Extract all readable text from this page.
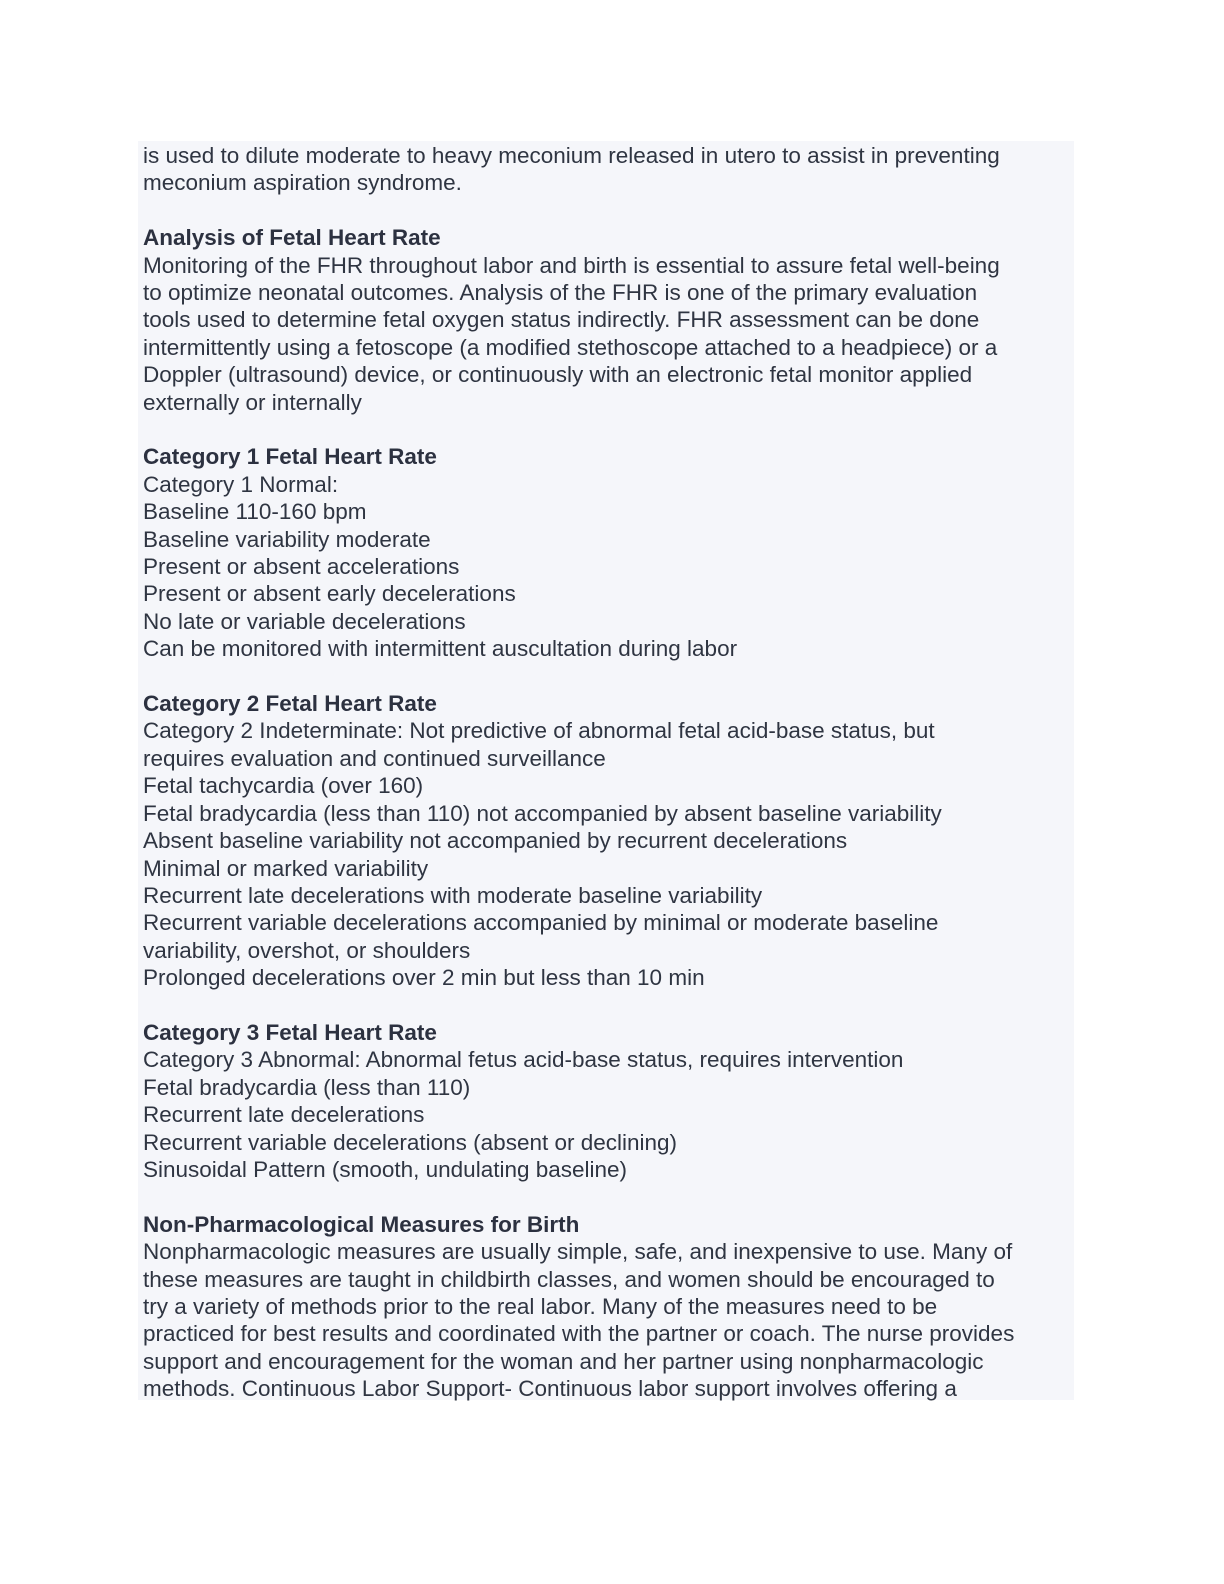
is used to dilute moderate to heavy meconium released in utero to assist in preventing

meconium aspiration syndrome.

Analysis of Fetal Heart Rate

Monitoring of the FHR throughout labor and birth is essential to assure fetal well-being

to optimize neonatal outcomes. Analysis of the FHR is one of the primary evaluation

tools used to determine fetal oxygen status indirectly. FHR assessment can be done

intermittently using a fetoscope (a modified stethoscope attached to a headpiece) or a

Doppler (ultrasound) device, or continuously with an electronic fetal monitor applied

externally or internally

Category 1 Fetal Heart Rate

Category 1 Normal:

Baseline 110-160 bpm

Baseline variability moderate

Present or absent accelerations

Present or absent early decelerations

No late or variable decelerations

Can be monitored with intermittent auscultation during labor

Category 2 Fetal Heart Rate

Category 2 Indeterminate: Not predictive of abnormal fetal acid-base status, but

requires evaluation and continued surveillance

Fetal tachycardia (over 160)

Fetal bradycardia (less than 110) not accompanied by absent baseline variability

Absent baseline variability not accompanied by recurrent decelerations

Minimal or marked variability

Recurrent late decelerations with moderate baseline variability

Recurrent variable decelerations accompanied by minimal or moderate baseline

variability, overshot, or shoulders

Prolonged decelerations over 2 min but less than 10 min

Category 3 Fetal Heart Rate

Category 3 Abnormal: Abnormal fetus acid-base status, requires intervention

Fetal bradycardia (less than 110)

Recurrent late decelerations

Recurrent variable decelerations (absent or declining)

Sinusoidal Pattern (smooth, undulating baseline)

Non-Pharmacological Measures for Birth

Nonpharmacologic measures are usually simple, safe, and inexpensive to use. Many of

these measures are taught in childbirth classes, and women should be encouraged to

try a variety of methods prior to the real labor. Many of the measures need to be

practiced for best results and coordinated with the partner or coach. The nurse provides

support and encouragement for the woman and her partner using nonpharmacologic

methods. Continuous Labor Support- Continuous labor support involves offering a
